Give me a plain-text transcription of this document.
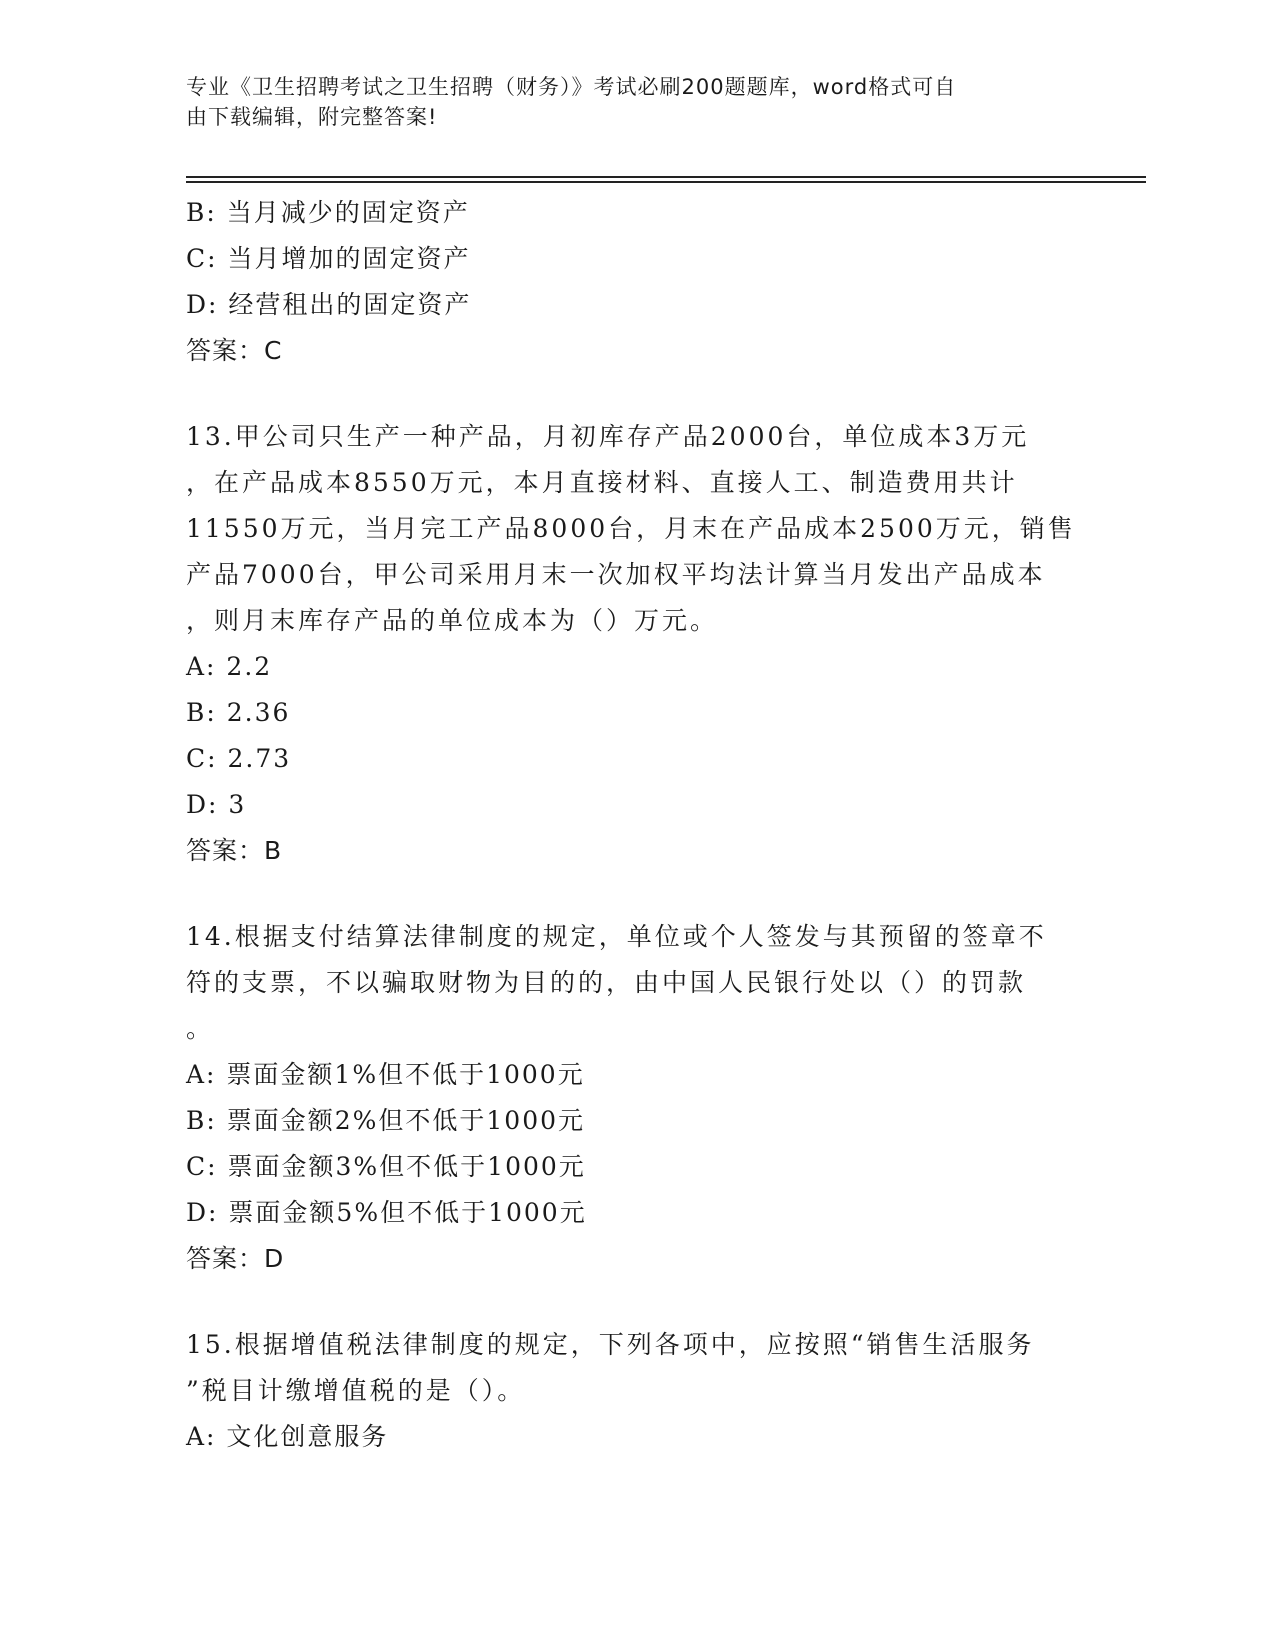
专业《卫生招聘考试之卫生招聘（财务）》考试必刷200题题库，word格式可自
由下载编辑，附完整答案!
B: 当月减少的固定资产
C: 当月增加的固定资产
D: 经营租出的固定资产
答案：C
13.甲公司只生产一种产品，月初库存产品2000台，单位成本3万元
，在产品成本8550万元，本月直接材料、直接人工、制造费用共计
11550万元，当月完工产品8000台，月末在产品成本2500万元，销售
产品7000台，甲公司采用月末一次加权平均法计算当月发出产品成本
，则月末库存产品的单位成本为（）万元。
A: 2.2
B: 2.36
C: 2.73
D: 3
答案：B
14.根据支付结算法律制度的规定，单位或个人签发与其预留的签章不
符的支票，不以骗取财物为目的的，由中国人民银行处以（）的罚款
。
A: 票面金额1%但不低于1000元
B: 票面金额2%但不低于1000元
C: 票面金额3%但不低于1000元
D: 票面金额5%但不低于1000元
答案：D
15.根据增值税法律制度的规定，下列各项中，应按照“销售生活服务
”税目计缴增值税的是（）。
A: 文化创意服务
